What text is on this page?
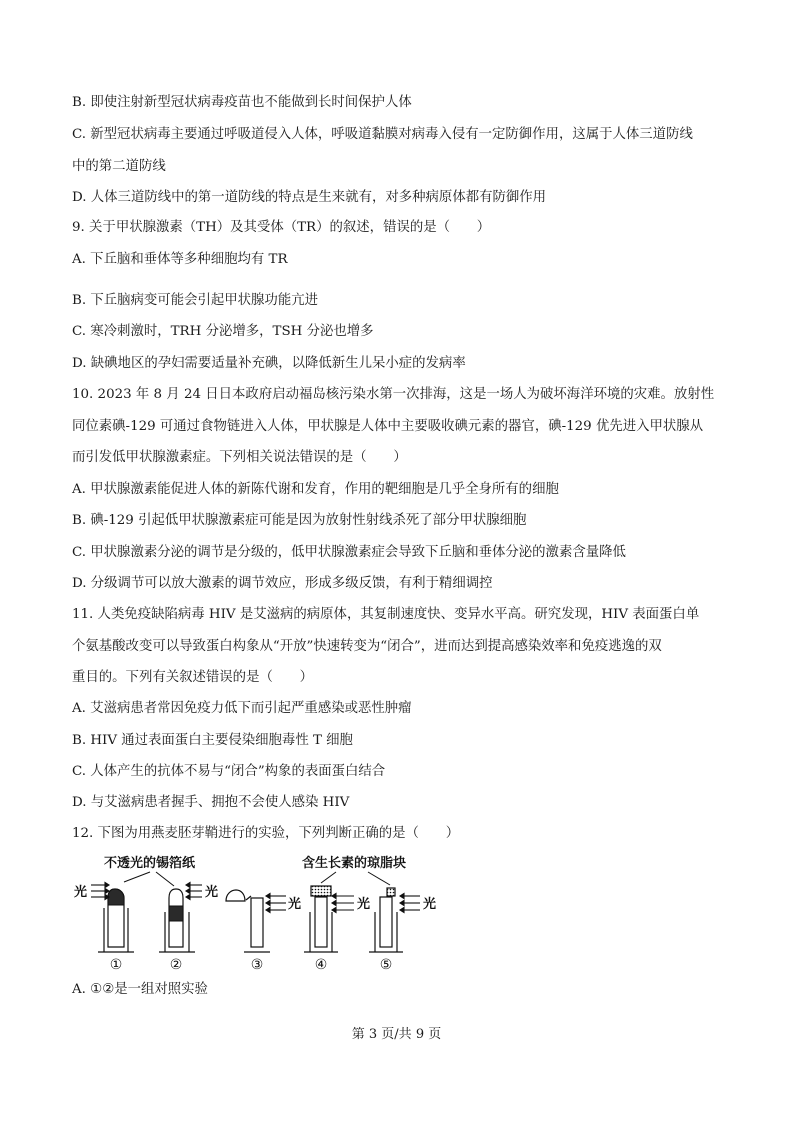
B. 即使注射新型冠状病毒疫苗也不能做到长时间保护人体
C. 新型冠状病毒主要通过呼吸道侵入人体，呼吸道黏膜对病毒入侵有一定防御作用，这属于人体三道防线
中的第二道防线
D. 人体三道防线中的第一道防线的特点是生来就有，对多种病原体都有防御作用
9. 关于甲状腺激素（TH）及其受体（TR）的叙述，错误的是（　　）
A. 下丘脑和垂体等多种细胞均有 TR
B. 下丘脑病变可能会引起甲状腺功能亢进
C. 寒冷刺激时，TRH 分泌增多，TSH 分泌也增多
D. 缺碘地区的孕妇需要适量补充碘，以降低新生儿呆小症的发病率
10. 2023 年 8 月 24 日日本政府启动福岛核污染水第一次排海，这是一场人为破坏海洋环境的灾难。放射性
同位素碘-129 可通过食物链进入人体，甲状腺是人体中主要吸收碘元素的器官，碘-129 优先进入甲状腺从
而引发低甲状腺激素症。下列相关说法错误的是（　　）
A. 甲状腺激素能促进人体的新陈代谢和发育，作用的靶细胞是几乎全身所有的细胞
B. 碘-129 引起低甲状腺激素症可能是因为放射性射线杀死了部分甲状腺细胞
C. 甲状腺激素分泌的调节是分级的，低甲状腺激素症会导致下丘脑和垂体分泌的激素含量降低
D. 分级调节可以放大激素的调节效应，形成多级反馈，有利于精细调控
11. 人类免疫缺陷病毒 HIV 是艾滋病的病原体，其复制速度快、变异水平高。研究发现，HIV 表面蛋白单
个氨基酸改变可以导致蛋白构象从“开放”快速转变为“闭合”，进而达到提高感染效率和免疫逃逸的双
重目的。下列有关叙述错误的是（　　）
A. 艾滋病患者常因免疫力低下而引起严重感染或恶性肿瘤
B. HIV 通过表面蛋白主要侵染细胞毒性 T 细胞
C. 人体产生的抗体不易与“闭合”构象的表面蛋白结合
D. 与艾滋病患者握手、拥抱不会使人感染 HIV
12. 下图为用燕麦胚芽鞘进行的实验，下列判断正确的是（　　）
不透光的锡箔纸	含生长素的琼脂块
光	光
光	光	光
①	②	③	④	⑤
A. ①②是一组对照实验
第 3 页/共 9 页
